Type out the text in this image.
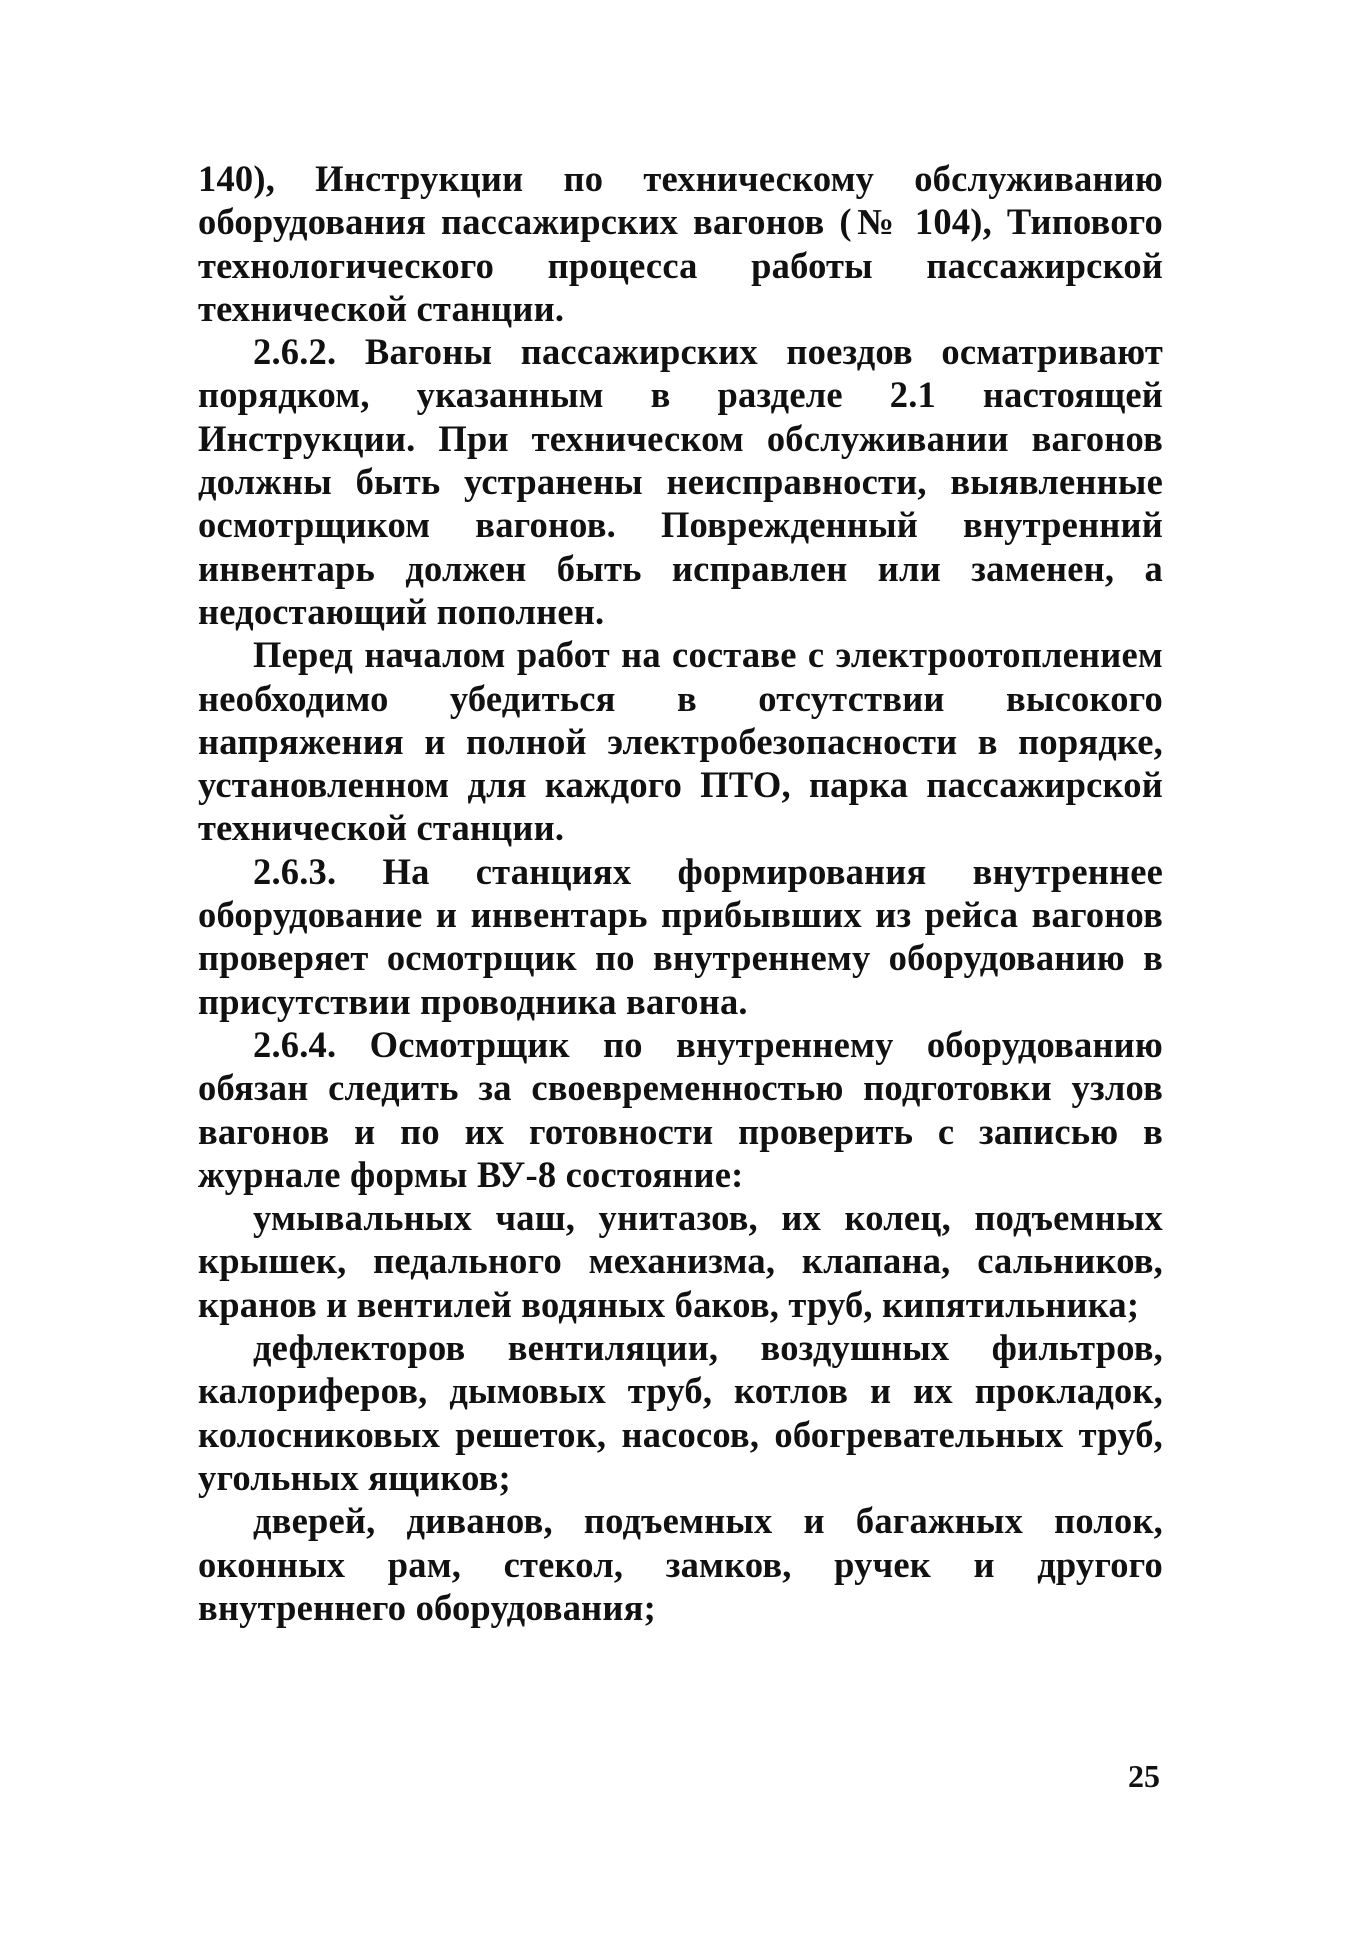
140), Инструкции по техническому обслуживанию оборудования пассажирских вагонов (№ 104), Типового технологического процесса работы пассажирской технической станции.

2.6.2. Вагоны пассажирских поездов осматривают порядком, указанным в разделе 2.1 настоящей Инструкции. При техническом обслуживании вагонов должны быть устранены неисправности, выявленные осмотрщиком вагонов. Поврежденный внутренний инвентарь должен быть исправлен или заменен, а недостающий пополнен.

Перед началом работ на составе с электроотоплением необходимо убедиться в отсутствии высокого напряжения и полной электробезопасности в порядке, установленном для каждого ПТО, парка пассажирской технической станции.

2.6.3. На станциях формирования внутреннее оборудование и инвентарь прибывших из рейса вагонов проверяет осмотрщик по внутреннему оборудованию в присутствии проводника вагона.

2.6.4. Осмотрщик по внутреннему оборудованию обязан следить за своевременностью подготовки узлов вагонов и по их готовности проверить с записью в журнале формы ВУ-8 состояние:

умывальных чаш, унитазов, их колец, подъемных крышек, педального механизма, клапана, сальников, кранов и вентилей водяных баков, труб, кипятильника;

дефлекторов вентиляции, воздушных фильтров, калориферов, дымовых труб, котлов и их прокладок, колосниковых решеток, насосов, обогревательных труб, угольных ящиков;

дверей, диванов, подъемных и багажных полок, оконных рам, стекол, замков, ручек и другого внутреннего оборудования;

25
